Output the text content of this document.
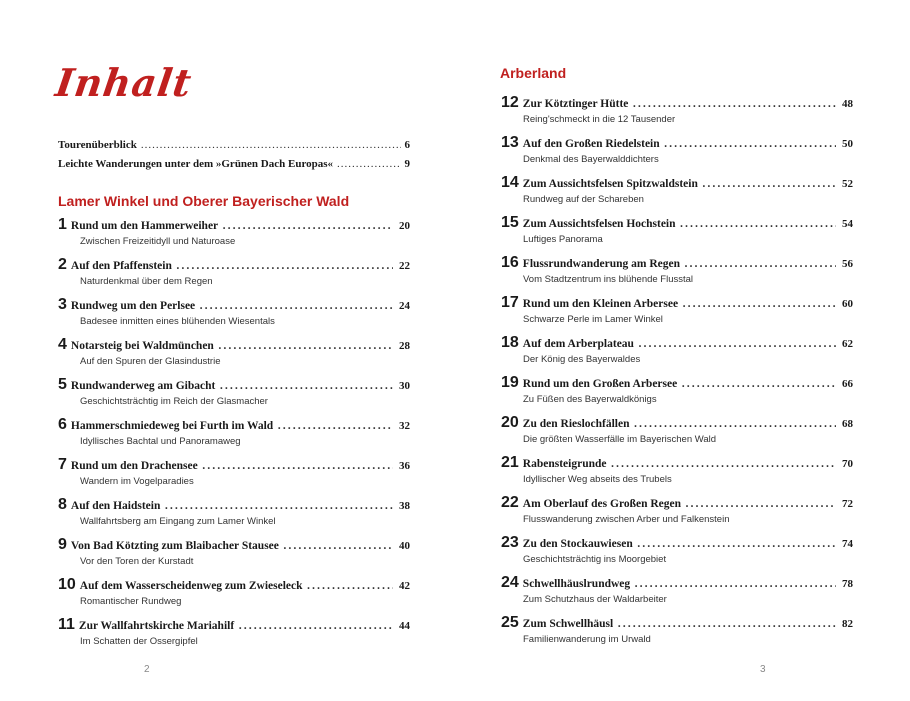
Inhalt
Tourenüberblick .....	6
Leichte Wanderungen unter dem »Grünen Dach Europas« .....	9
Lamer Winkel und Oberer Bayerischer Wald
1 Rund um den Hammerweiher .....	20
Zwischen Freizeitidyll und Naturoase
2 Auf den Pfaffenstein .....	22
Naturdenkmal über dem Regen
3 Rundweg um den Perlsee .....	24
Badesee inmitten eines blühenden Wiesentals
4 Notarsteig bei Waldmünchen .....	28
Auf den Spuren der Glasindustrie
5 Rundwanderweg am Gibacht .....	30
Geschichtsträchtig im Reich der Glasmacher
6 Hammerschmiedeweg bei Furth im Wald .....	32
Idyllisches Bachtal und Panoramaweg
7 Rund um den Drachensee .....	36
Wandern im Vogelparadies
8 Auf den Haidstein .....	38
Wallfahrtsberg am Eingang zum Lamer Winkel
9 Von Bad Kötzting zum Blaibacher Stausee .....	40
Vor den Toren der Kurstadt
10 Auf dem Wasserscheidenweg zum Zwieseleck .....	42
Romantischer Rundweg
11 Zur Wallfahrtskirche Mariahilf .....	44
Im Schatten der Ossergipfel
2
Arberland
12 Zur Kötztinger Hütte .....	48
Reing'schmeckt in die 12 Tausender
13 Auf den Großen Riedelstein .....	50
Denkmal des Bayerwalddichters
14 Zum Aussichtsfelsen Spitzwaldstein .....	52
Rundweg auf der Schareben
15 Zum Aussichtsfelsen Hochstein .....	54
Luftiges Panorama
16 Flussrundwanderung am Regen .....	56
Vom Stadtzentrum ins blühende Flusstal
17 Rund um den Kleinen Arbersee .....	60
Schwarze Perle im Lamer Winkel
18 Auf dem Arberplateau .....	62
Der König des Bayerwaldes
19 Rund um den Großen Arbersee .....	66
Zu Füßen des Bayerwaldkönigs
20 Zu den Rieslochfällen .....	68
Die größten Wasserfälle im Bayerischen Wald
21 Rabensteigrunde .....	70
Idyllischer Weg abseits des Trubels
22 Am Oberlauf des Großen Regen .....	72
Flusswanderung zwischen Arber und Falkenstein
23 Zu den Stockauwiesen .....	74
Geschichtsträchtig ins Moorgebiet
24 Schwellhäuslrundweg .....	78
Zum Schutzhaus der Waldarbeiter
25 Zum Schwellhäusl .....	82
Familienwanderung im Urwald
3
